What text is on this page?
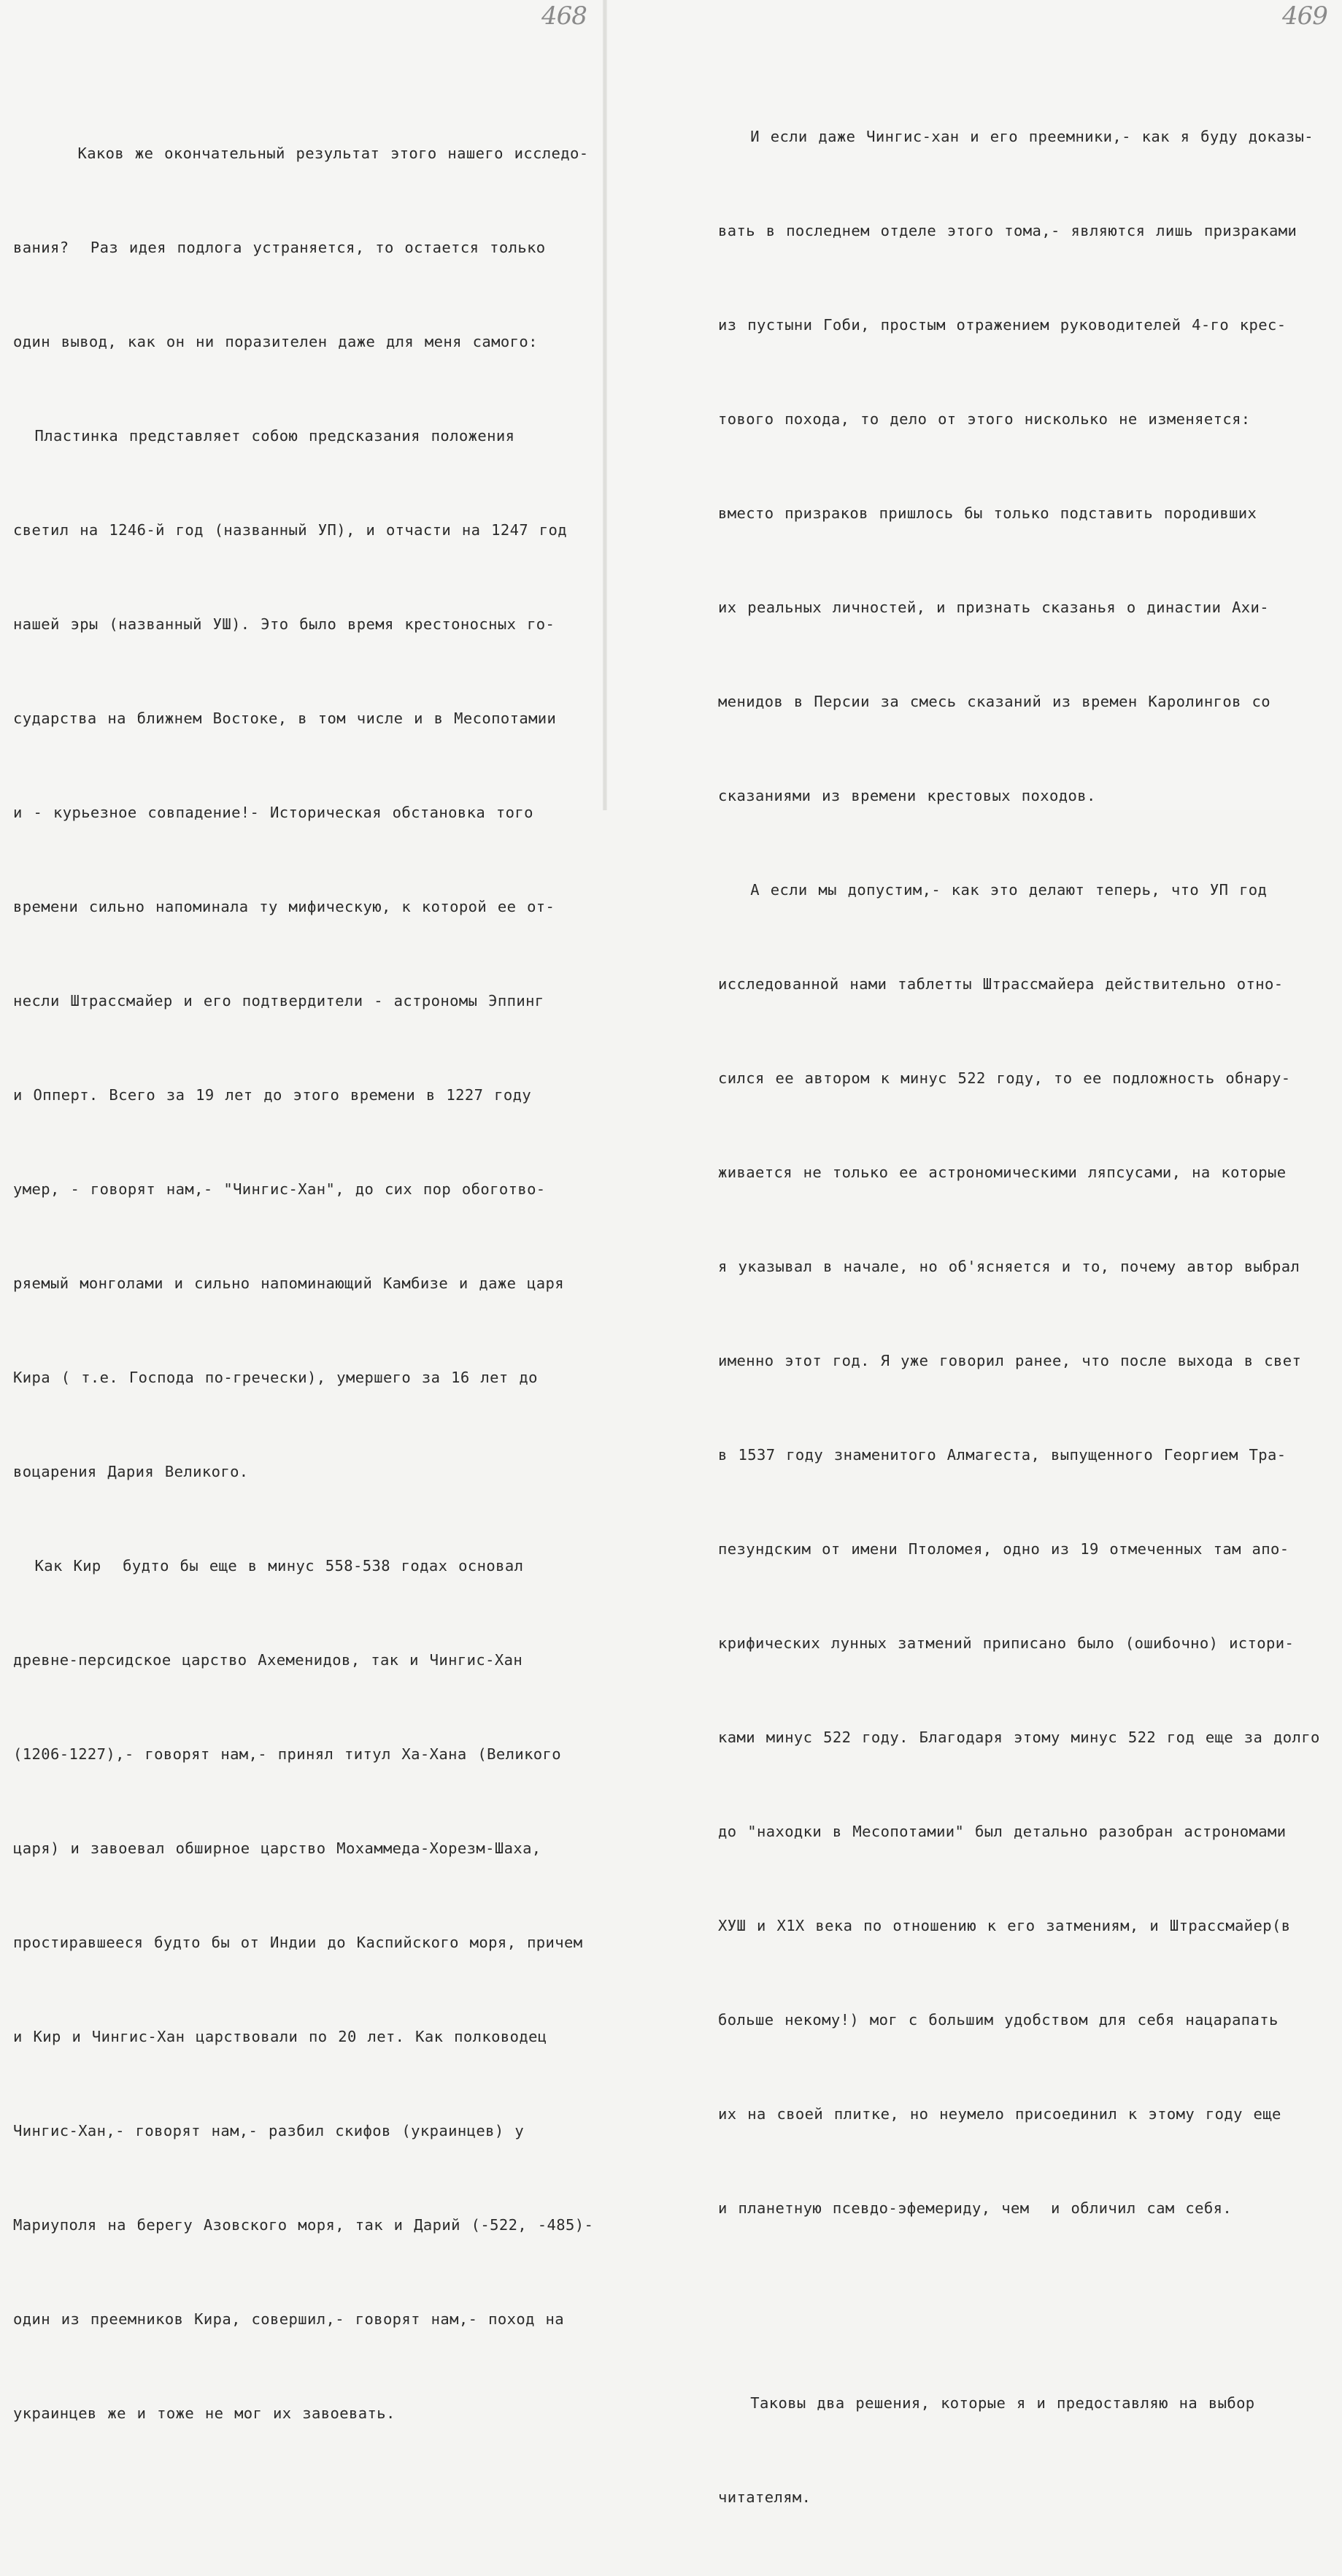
468

Каков же окончательный результат этого нашего исследо-

вания?  Раз идея подлога устраняется, то остается только

один вывод, как он ни поразителен даже для меня самого:

Пластинка представляет собою предсказания положения

светил на 1246-й год (названный УП), и отчасти на 1247 год

нашей эры (названный УШ). Это было время крестоносных го-

сударства на ближнем Востоке, в том числе и в Месопотамии

и - курьезное совпадение!- Историческая обстановка того

времени сильно напоминала ту мифическую, к которой ее от-

несли Штрассмайер и его подтвердители - астрономы Эппинг

и Опперт. Всего за 19 лет до этого времени в 1227 году

умер, - говорят нам,- "Чингис-Хан", до сих пор обоготво-

ряемый монголами и сильно напоминающий Камбизе и даже царя

Кира ( т.е. Господа по-гречески), умершего за 16 лет до

воцарения Дария Великого.

Как Кир  будто бы еще в минус 558-538 годах основал

древне-персидское царство Ахеменидов, так и Чингис-Хан

(1206-1227),- говорят нам,- принял титул Ха-Хана (Великого

царя) и завоевал обширное царство Мохаммеда-Хорезм-Шаха,

простиравшееся будто бы от Индии до Каспийского моря, причем

и Кир и Чингис-Хан царствовали по 20 лет. Как полководец

Чингис-Хан,- говорят нам,- разбил скифов (украинцев) у

Мариуполя на берегу Азовского моря, так и Дарий (-522, -485)-

один из преемников Кира, совершил,- говорят нам,- поход на

украинцев же и тоже не мог их завоевать.

469

И если даже Чингис-хан и его преемники,- как я буду доказы-

вать в последнем отделе этого тома,- являются лишь призраками

из пустыни Гоби, простым отражением руководителей 4-го крес-

тового похода, то дело от этого нисколько не изменяется:

вместо призраков пришлось бы только подставить породивших

их реальных личностей, и признать сказанья о династии Ахи-

менидов в Персии за смесь сказаний из времен Каролингов со

сказаниями из времени крестовых походов.

А если мы допустим,- как это делают теперь, что УП год

исследованной нами таблетты Штрассмайера действительно отно-

сился ее автором к минус 522 году, то ее подложность обнару-

живается не только ее астрономическими ляпсусами, на которые

я указывал в начале, но об'ясняется и то, почему автор выбрал

именно этот год. Я уже говорил ранее, что после выхода в свет

в 1537 году знаменитого Алмагеста, выпущенного Георгием Тра-

пезундским от имени Птоломея, одно из 19 отмеченных там апо-

крифических лунных затмений приписано было (ошибочно) истори-

ками минус 522 году. Благодаря этому минус 522 год еще за долго

до "находки в Месопотамии" был детально разобран астрономами

ХУШ и Х1Х века по отношению к его затмениям, и Штрассмайер(в

больше некому!) мог с большим удобством для себя нацарапать

их на своей плитке, но неумело присоединил к этому году еще

и планетную псевдо-эфемериду, чем  и обличил сам себя.

Таковы два решения, которые я и предоставляю на выбор

читателям.
